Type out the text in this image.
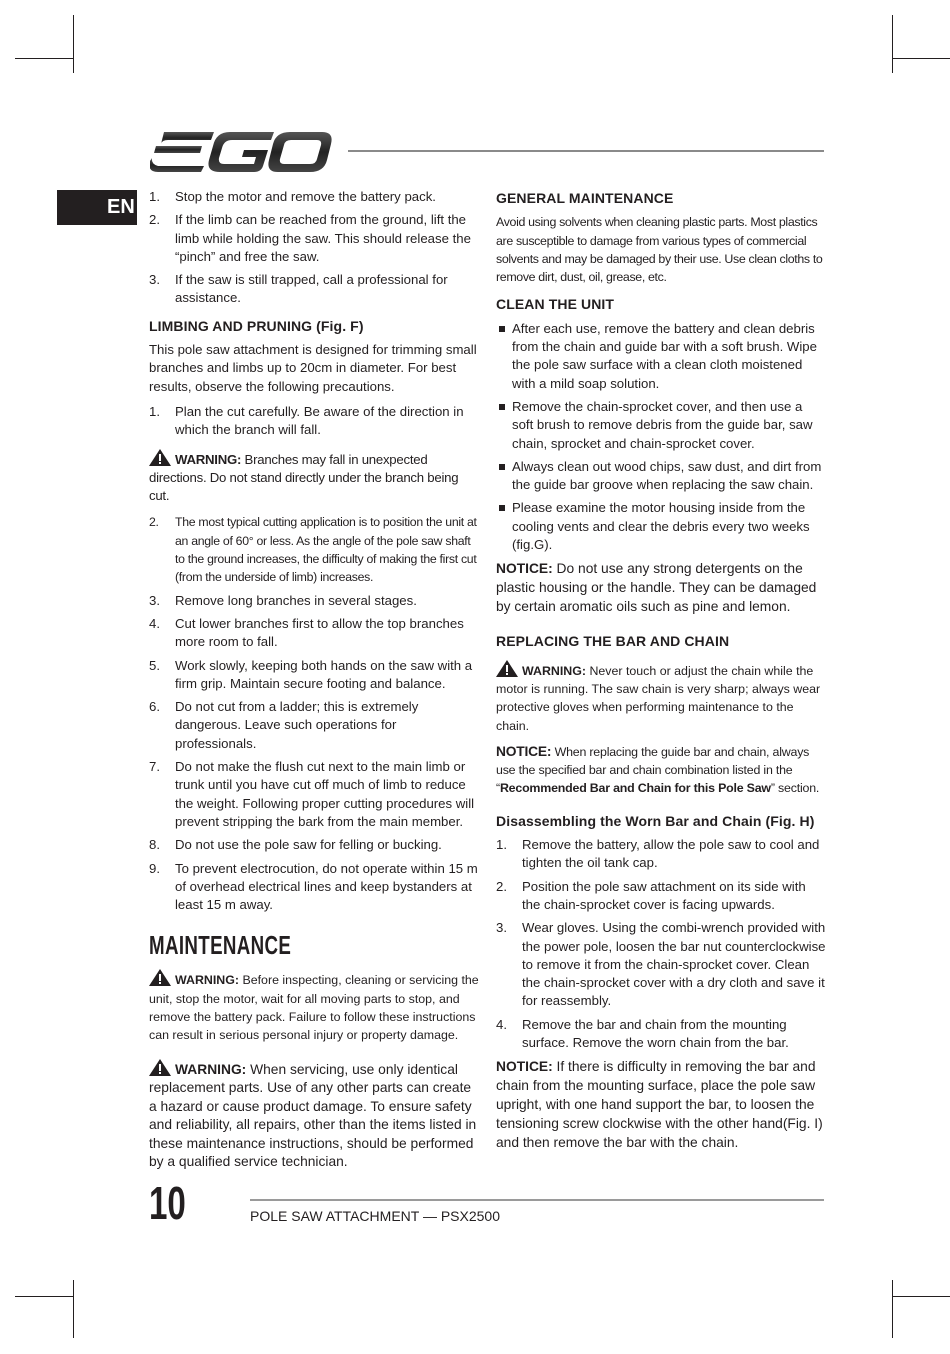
EN 1. Stop the motor and remove the battery pack.
2. If the limb can be reached from the ground, lift the limb while holding the saw. This should release the “pinch” and free the saw.
3. If the saw is still trapped, call a professional for assistance.
LIMBING AND PRUNING (Fig. F)
This pole saw attachment is designed for trimming small branches and limbs up to 20cm in diameter. For best results, observe the following precautions.
1. Plan the cut carefully. Be aware of the direction in which the branch will fall.
WARNING: Branches may fall in unexpected directions. Do not stand directly under the branch being cut.
2. The most typical cutting application is to position the unit at an angle of 60° or less. As the angle of the pole saw shaft to the ground increases, the difficulty of making the first cut (from the underside of limb) increases.
3. Remove long branches in several stages.
4. Cut lower branches first to allow the top branches more room to fall.
5. Work slowly, keeping both hands on the saw with a firm grip. Maintain secure footing and balance.
6. Do not cut from a ladder; this is extremely dangerous. Leave such operations for professionals.
7. Do not make the flush cut next to the main limb or trunk until you have cut off much of limb to reduce the weight. Following proper cutting procedures will prevent stripping the bark from the main member.
8. Do not use the pole saw for felling or bucking.
9. To prevent electrocution, do not operate within 15 m of overhead electrical lines and keep bystanders at least 15 m away.
MAINTENANCE
WARNING: Before inspecting, cleaning or servicing the unit, stop the motor, wait for all moving parts to stop, and remove the battery pack. Failure to follow these instructions can result in serious personal injury or property damage.
WARNING: When servicing, use only identical replacement parts. Use of any other parts can create a hazard or cause product damage. To ensure safety and reliability, all repairs, other than the items listed in these maintenance instructions, should be performed by a qualified service technician.
GENERAL MAINTENANCE
Avoid using solvents when cleaning plastic parts. Most plastics are susceptible to damage from various types of commercial solvents and may be damaged by their use. Use clean cloths to remove dirt, dust, oil, grease, etc.
CLEAN THE UNIT
After each use, remove the battery and clean debris from the chain and guide bar with a soft brush. Wipe the pole saw surface with a clean cloth moistened with a mild soap solution.
Remove the chain-sprocket cover, and then use a soft brush to remove debris from the guide bar, saw chain, sprocket and chain-sprocket cover.
Always clean out wood chips, saw dust, and dirt from the guide bar groove when replacing the saw chain.
Please examine the motor housing inside from the cooling vents and clear the debris every two weeks (fig.G).
NOTICE: Do not use any strong detergents on the plastic housing or the handle. They can be damaged by certain aromatic oils such as pine and lemon.
REPLACING THE BAR AND CHAIN
WARNING: Never touch or adjust the chain while the motor is running. The saw chain is very sharp; always wear protective gloves when performing maintenance to the chain.
NOTICE: When replacing the guide bar and chain, always use the specified bar and chain combination listed in the “Recommended Bar and Chain for this Pole Saw” section.
Disassembling the Worn Bar and Chain (Fig. H)
1. Remove the battery, allow the pole saw to cool and tighten the oil tank cap.
2. Position the pole saw attachment on its side with the chain-sprocket cover is facing upwards.
3. Wear gloves. Using the combi-wrench provided with the power pole, loosen the bar nut counterclockwise to remove it from the chain-sprocket cover. Clean the chain-sprocket cover with a dry cloth and save it for reassembly.
4. Remove the bar and chain from the mounting surface. Remove the worn chain from the bar.
NOTICE: If there is difficulty in removing the bar and chain from the mounting surface, place the pole saw upright, with one hand support the bar, to loosen the tensioning screw clockwise with the other hand(Fig. I) and then remove the bar with the chain.
10	POLE SAW ATTACHMENT — PSX2500
